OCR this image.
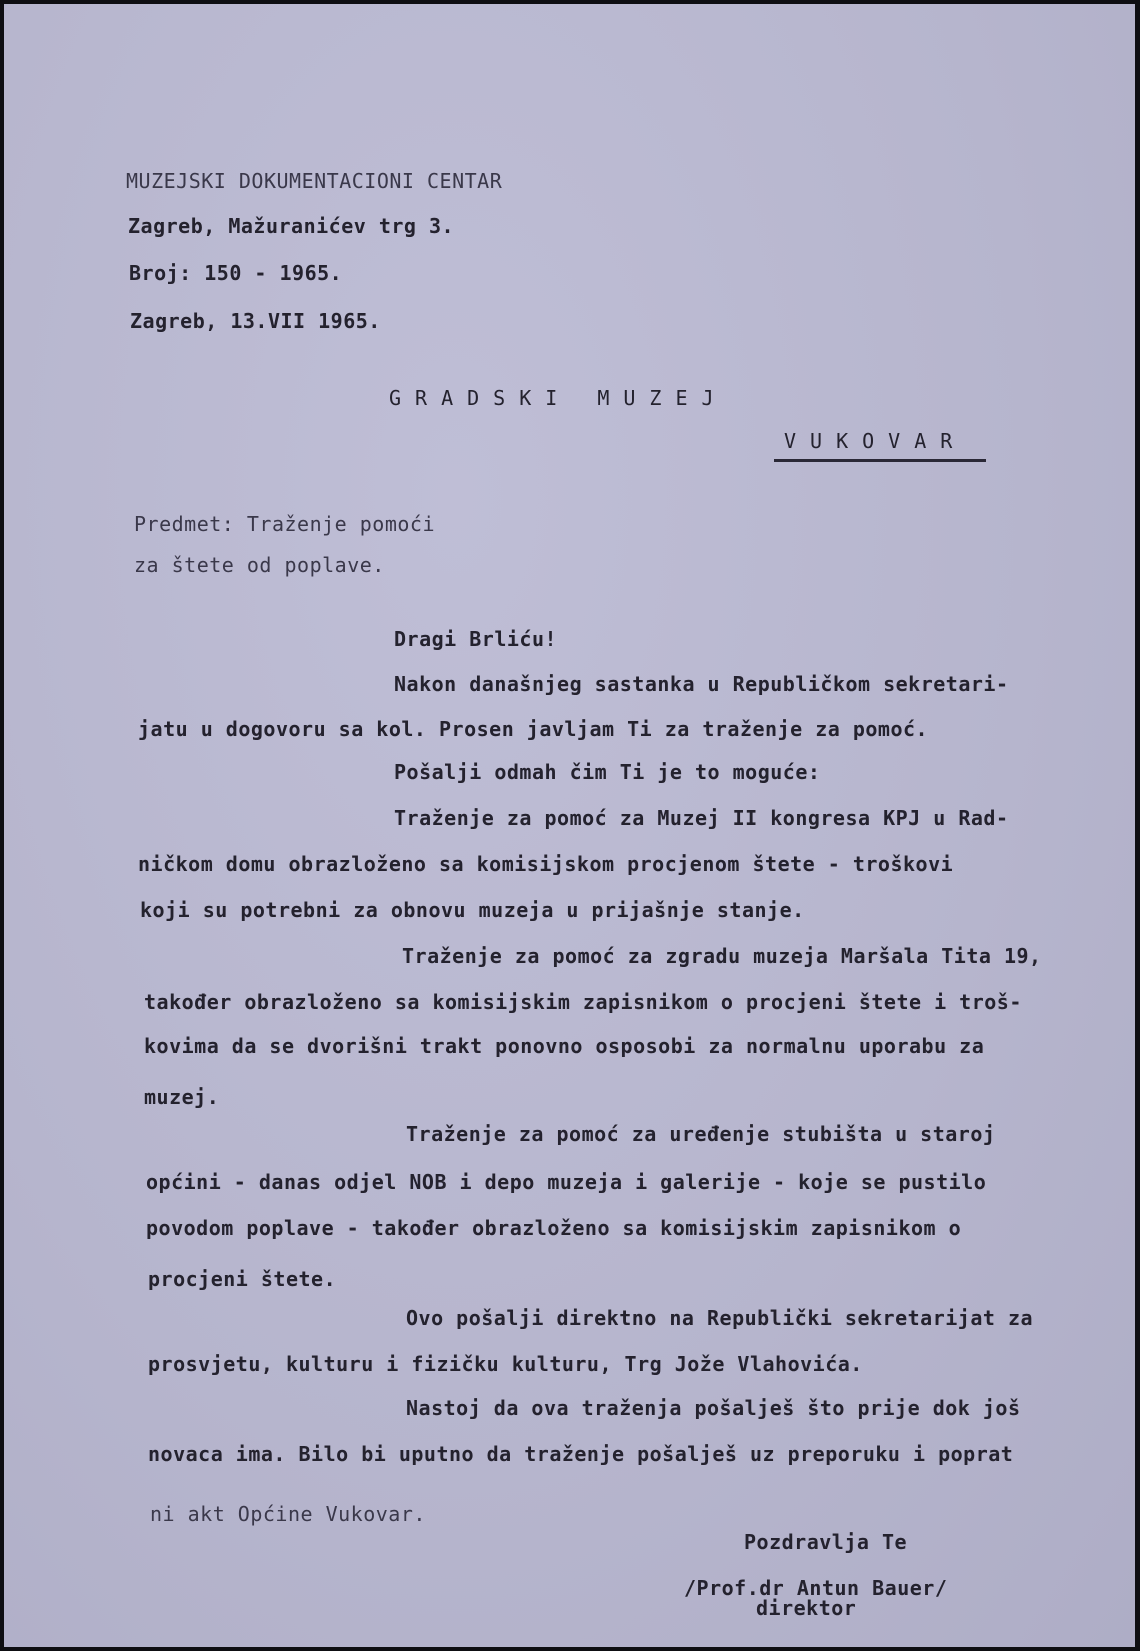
MUZEJSKI DOKUMENTACIONI CENTAR
Zagreb, Mažuranićev trg 3.
Broj: 150 - 1965.
Zagreb, 13.VII 1965.
GRADSKI MUZEJ
VUKOVAR
Predmet: Traženje pomoći
za štete od poplave.
Dragi Brliću!
Nakon današnjeg sastanka u Republičkom sekretari-
jatu u dogovoru sa kol. Prosen javljam Ti za traženje za pomoć.
Pošalji odmah čim Ti je to moguće:
Traženje za pomoć za Muzej II kongresa KPJ u Rad-
ničkom domu obrazloženo sa komisijskom procjenom štete - troškovi
koji su potrebni za obnovu muzeja u prijašnje stanje.
Traženje za pomoć za zgradu muzeja Maršala Tita 19,
također obrazloženo sa komisijskim zapisnikom o procjeni štete i troš-
kovima da se dvorišni trakt ponovno osposobi za normalnu uporabu za
muzej.
Traženje za pomoć za uređenje stubišta u staroj
općini - danas odjel NOB i depo muzeja i galerije - koje se pustilo
povodom poplave - također obrazloženo sa komisijskim zapisnikom o
procjeni štete.
Ovo pošalji direktno na Republički sekretarijat za
prosvjetu, kulturu i fizičku kulturu, Trg Jože Vlahovića.
Nastoj da ova traženja pošalješ što prije dok još
novaca ima. Bilo bi uputno da traženje pošalješ uz preporuku i poprat
ni akt Općine Vukovar.
Pozdravlja Te
/Prof.dr Antun Bauer/
direktor
